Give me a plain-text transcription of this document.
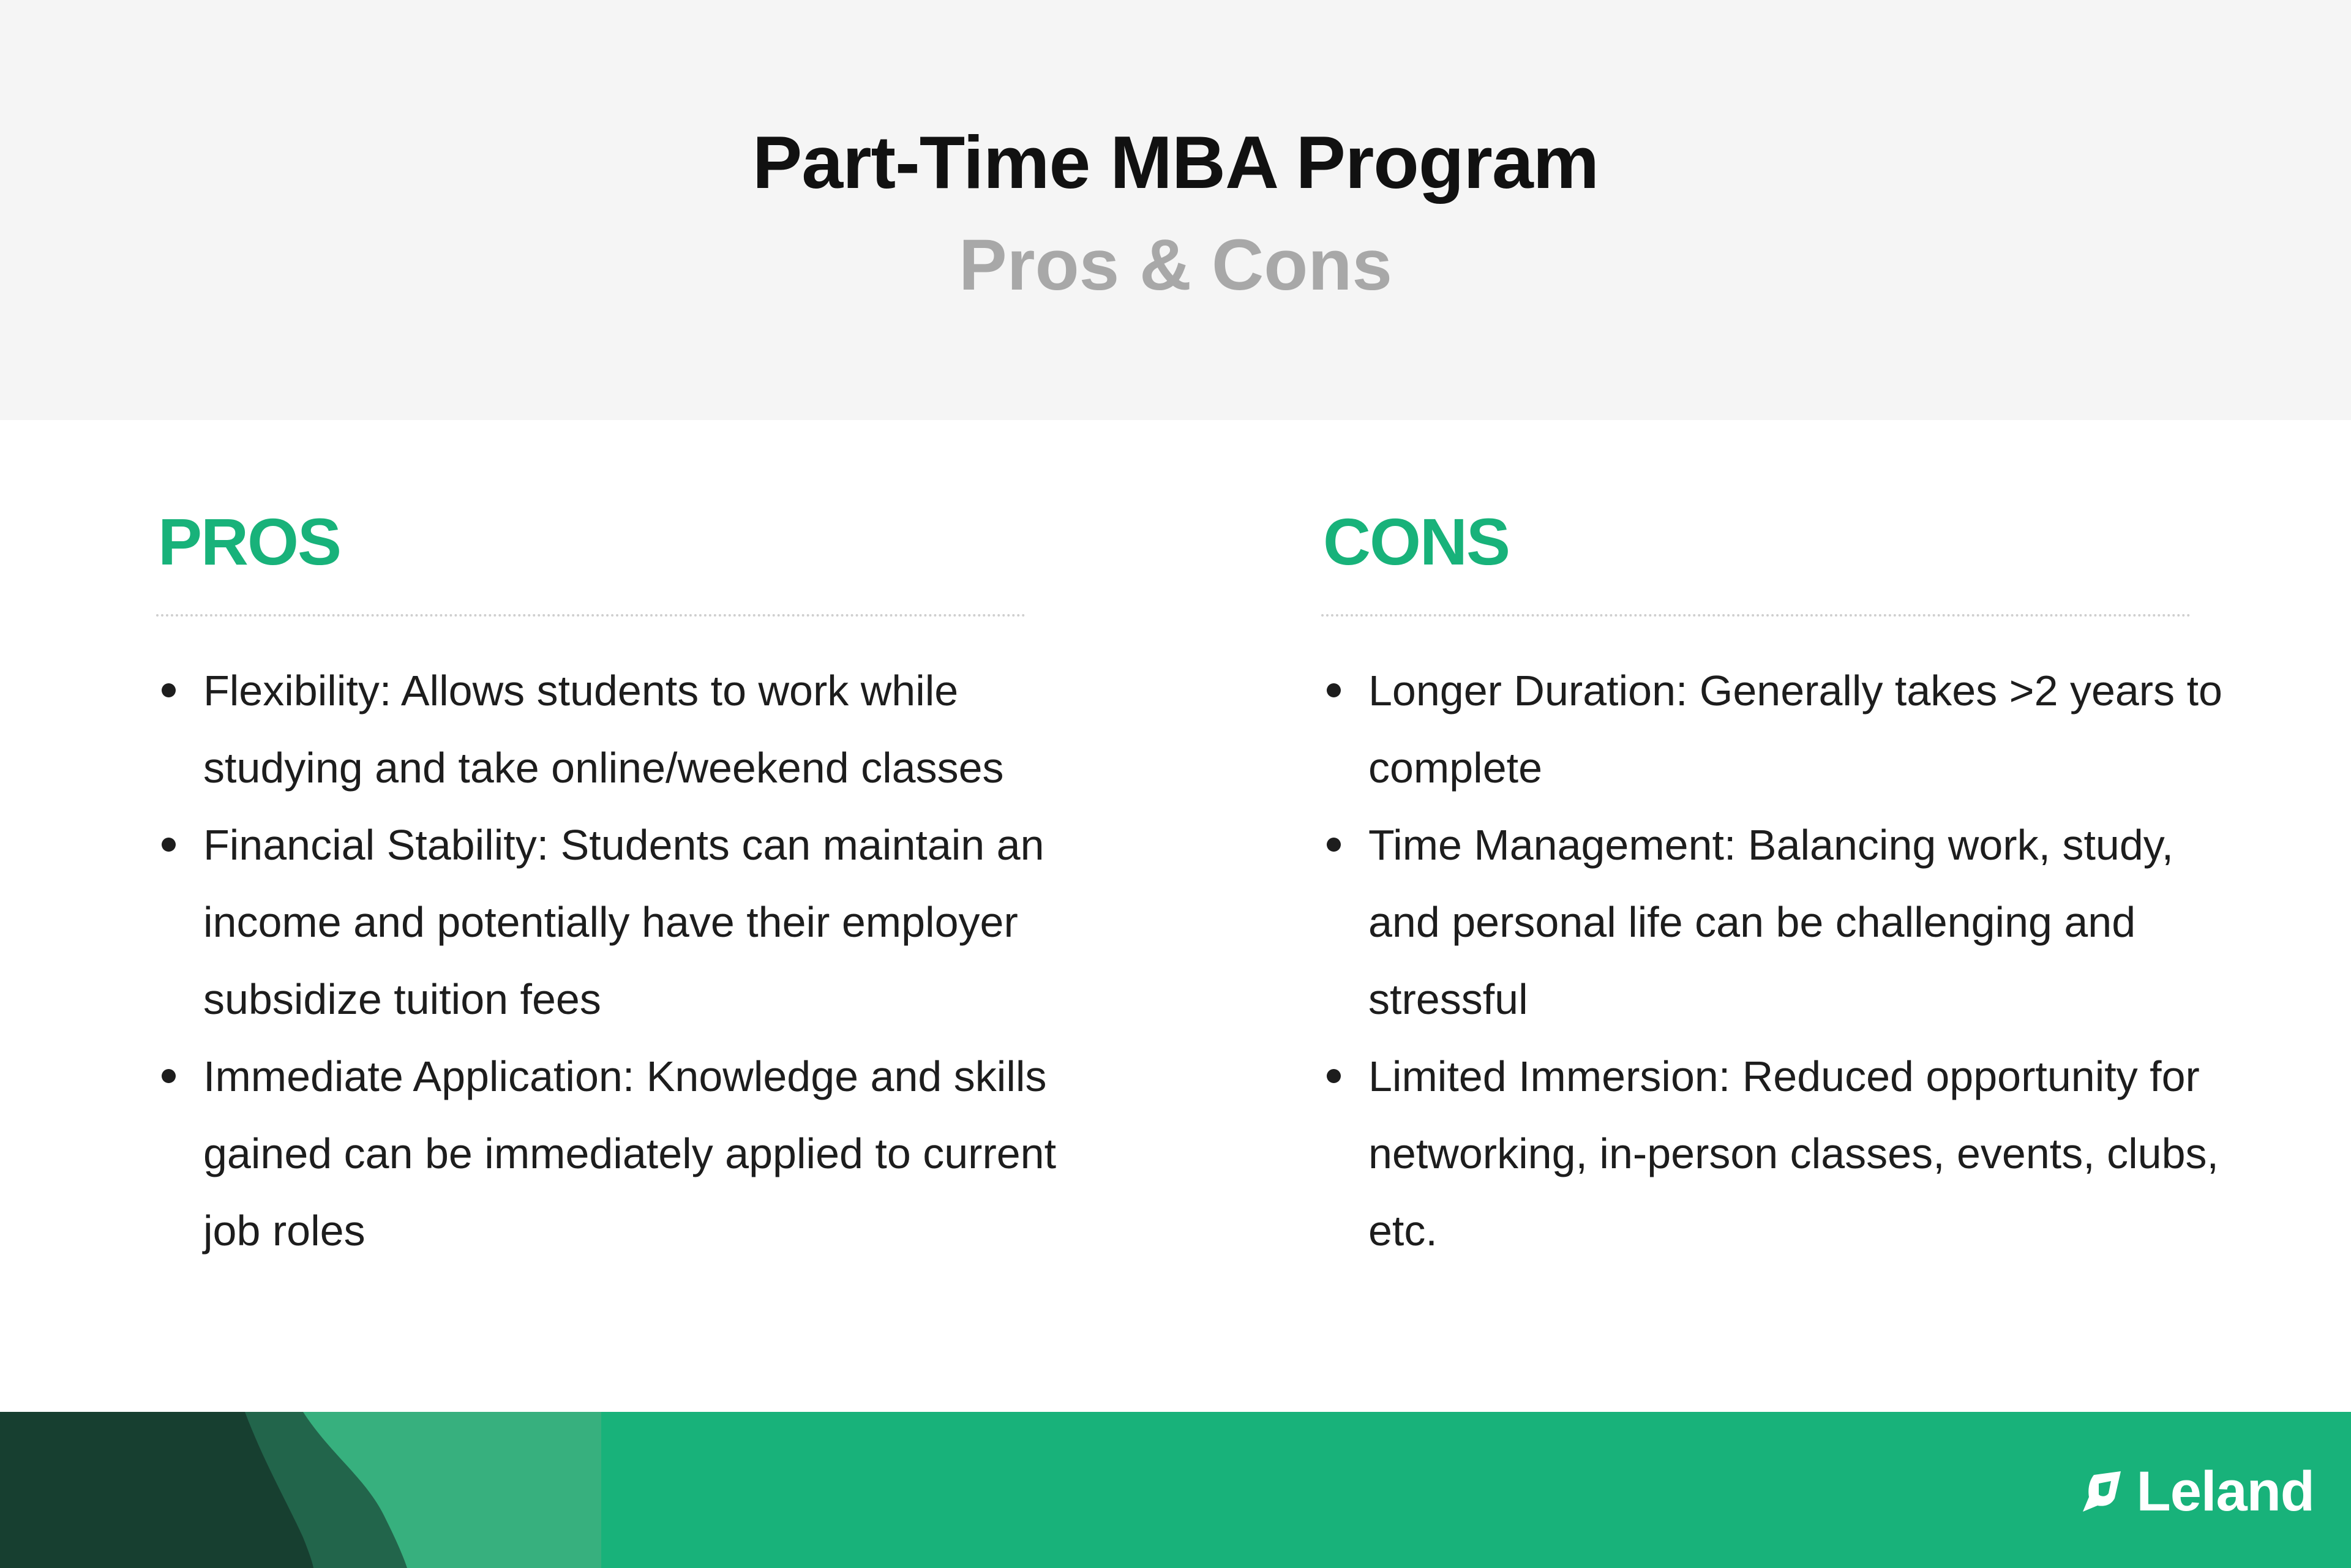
Part-Time MBA Program
Pros & Cons
PROS
Flexibility: Allows students to work while studying and take online/weekend classes
Financial Stability: Students can maintain an income and potentially have their employer subsidize tuition fees
Immediate Application: Knowledge and skills gained can be immediately applied to current job roles
CONS
Longer Duration: Generally takes >2 years to complete
Time Management: Balancing work, study, and personal life can be challenging and stressful
Limited Immersion: Reduced opportunity for networking, in-person classes, events, clubs, etc.
Leland
